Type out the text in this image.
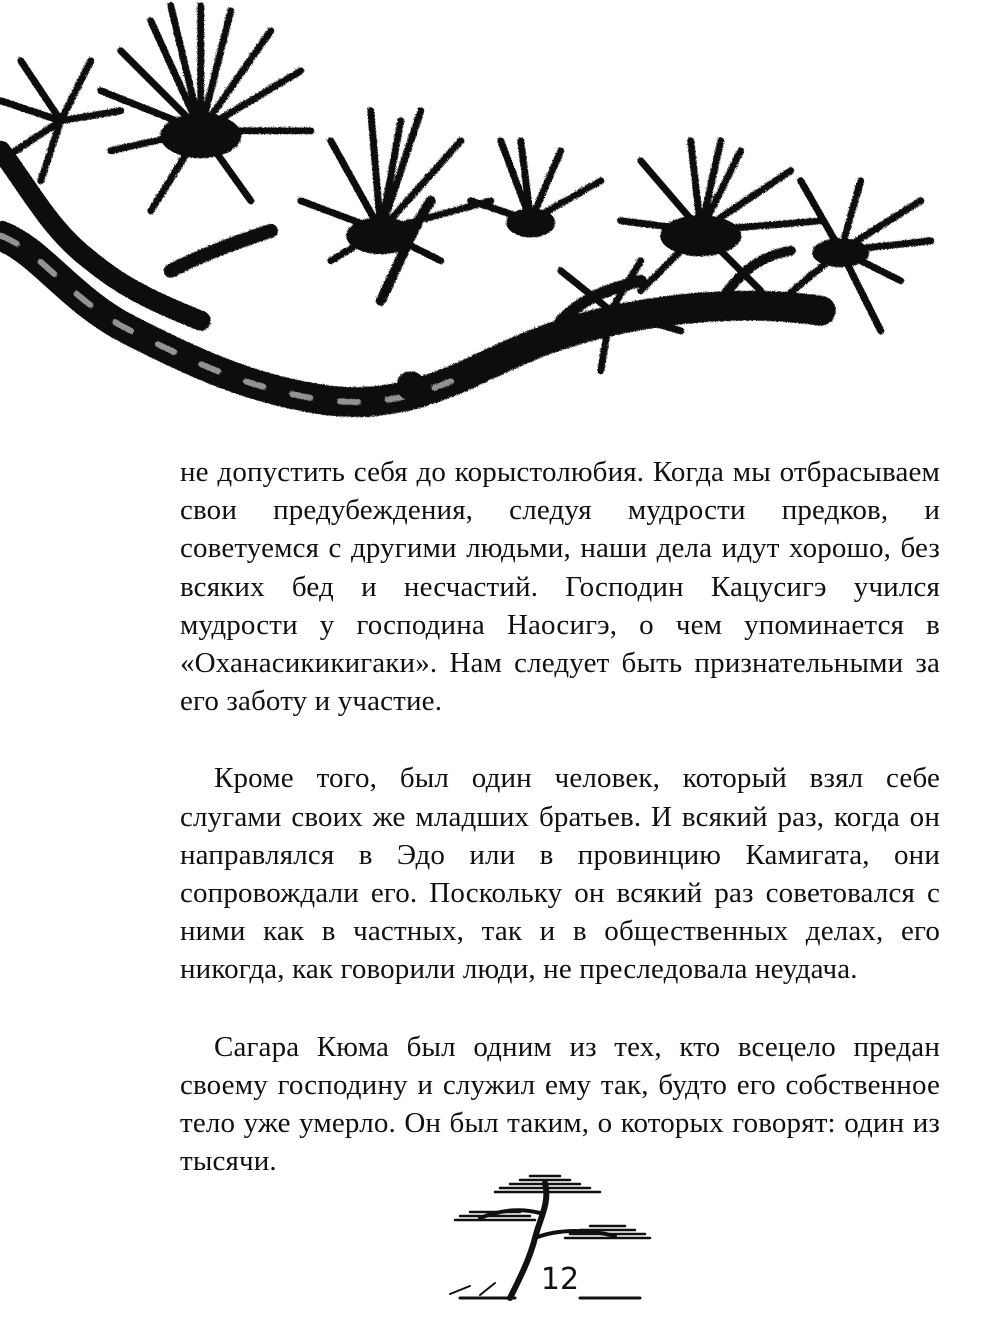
не допустить себя до корыстолюбия. Когда мы отбрасываем свои предубеждения, следуя мудрости предков, и советуемся с другими людьми, наши дела идут хорошо, без всяких бед и несчастий. Господин Кацусигэ учился мудрости у господина Наосигэ, о чем упоминается в «Оханасикикигаки». Нам следует быть признательными за его заботу и участие.

Кроме того, был один человек, который взял себе слугами своих же младших братьев. И всякий раз, когда он направлялся в Эдо или в провинцию Камигата, они сопровождали его. Поскольку он всякий раз советовался с ними как в частных, так и в общественных делах, его никогда, как говорили люди, не преследовала неудача.

Сагара Кюма был одним из тех, кто всецело предан своему господину и служил ему так, будто его собственное тело уже умерло. Он был таким, о которых говорят: один из тысячи.

12
